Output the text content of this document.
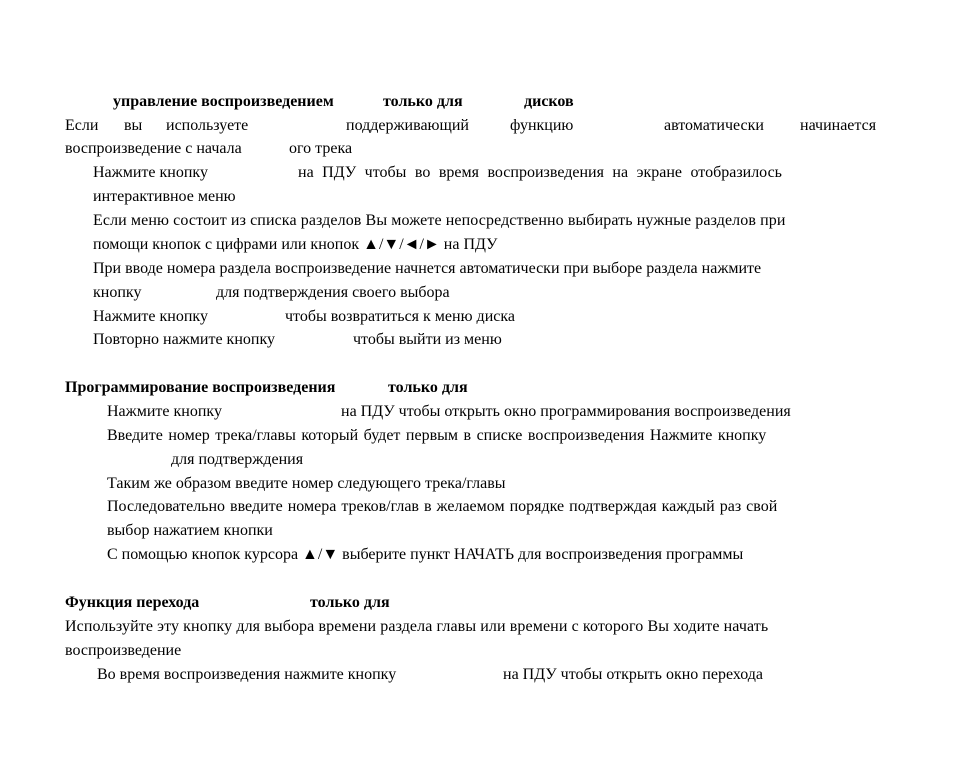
управление воспроизведением	только для	дисков
Если вы используете	поддерживающий	функцию	автоматически начинается
воспроизведение с начала	ого трека
Нажмите кнопку	на ПДУ чтобы во время воспроизведения на экране отобразилось
интерактивное меню
Если меню состоит из списка разделов Вы можете непосредственно выбирать нужные разделов при
помощи кнопок с цифрами или кнопок ▲/▼/◄/► на ПДУ
При вводе номера раздела воспроизведение начнется автоматически при выборе раздела нажмите
кнопку	для подтверждения своего выбора
Нажмите кнопку	чтобы возвратиться к меню диска
Повторно нажмите кнопку	чтобы выйти из меню
Программирование воспроизведения	только для
Нажмите кнопку	на ПДУ чтобы открыть окно программирования воспроизведения
Введите номер трека/главы который будет первым в списке воспроизведения Нажмите кнопку
для подтверждения
Таким же образом введите номер следующего трека/главы
Последовательно введите номера треков/глав в желаемом порядке подтверждая каждый раз свой
выбор нажатием кнопки
С помощью кнопок курсора ▲/▼ выберите пункт НАЧАТЬ для воспроизведения программы
Функция перехода	только для
Используйте эту кнопку для выбора времени раздела главы или времени с которого Вы ходите начать
воспроизведение
Во время воспроизведения нажмите кнопку	на ПДУ чтобы открыть окно перехода
